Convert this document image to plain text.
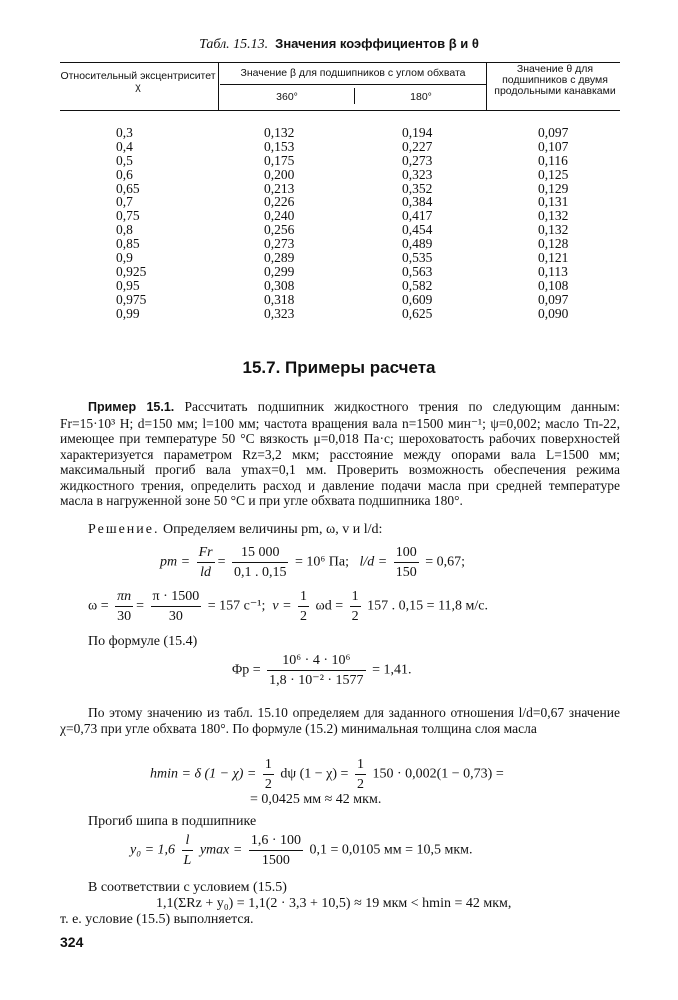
Табл. 15.13. Значения коэффициентов β и θ
Относительный эксцентриситет χ
Значение β для подшипников с углом обхвата
360°	180°
Значение θ для подшипников с двумя продольными канавками
0,3
0,4
0,5
0,6
0,65
0,7
0,75
0,8
0,85
0,9
0,925
0,95
0,975
0,99
0,132
0,153
0,175
0,200
0,213
0,226
0,240
0,256
0,273
0,289
0,299
0,308
0,318
0,323
0,194
0,227
0,273
0,323
0,352
0,384
0,417
0,454
0,489
0,535
0,563
0,582
0,609
0,625
0,097
0,107
0,116
0,125
0,129
0,131
0,132
0,132
0,128
0,121
0,113
0,108
0,097
0,090
15.7. Примеры расчета
Пример 15.1. Рассчитать подшипник жидкостного трения по следующим данным: Fr=15·10³ Н; d=150 мм; l=100 мм; частота вращения вала n=1500 мин⁻¹; ψ=0,002; масло Тп-22, имеющее при температуре 50 °С вязкость μ=0,018 Па·с; шероховатость рабочих поверхностей характеризуется параметром Rz=3,2 мкм; расстояние между опорами вала L=1500 мм; максимальный прогиб вала ymax=0,1 мм. Проверить возможность обеспечения режима жидкостного трения, определить расход и давление подачи масла при средней температуре масла в нагруженной зоне 50 °С и при угле обхвата подшипника 180°.
Решение. Определяем величины pm, ω, v и l/d:
pm = $\frac{Fr}{ld} = \frac{15 000}{0,1 . 0,15} = 10^6$ Па; $l/d = \frac{100}{150} = 0,67$;
$\omega = \frac{\pi n}{30} = \frac{\pi \cdot 1500}{30} = 157$ с⁻¹; $v = \frac{1}{2}$ $\omega d = \frac{1}{2} 157$ . 0,15 = 11,8 м/с.
По формуле (15.4)
$\Phi p = \frac{\text{10⁶ · 4 · 10⁶}}{\text{1,8 · 10⁻² · 1577}} = 1,41$.
По этому значению из табл. 15.10 определяем для заданного отношения l/d=0,67 значение χ=0,73 при угле обхвата 180°. По формуле (15.2) минимальная толщина слоя масла
hmin = δ $(1 - \chi) = \frac{1}{2}$ dψ $(1 - \chi) = \frac{1}{2} 150 \cdot 0,002(1 - 0,73)$ =
= 0,0425 мм ≈ 42 мкм.
Прогиб шипа в подшипнике
$y_0 = 1,6 \frac{l}{L}$ $ymax = \frac{1,6 \cdot 100}{1500} 0,1 = 0,0105$ мм = 10,5 мкм.
В соответствии с условием (15.5)
1,1(ΣRz + y₀) = 1,1(2 · 3,3 + 10,5) ≈ 19 мкм < hmin = 42 мкм,
т. е. условие (15.5) выполняется.
324
